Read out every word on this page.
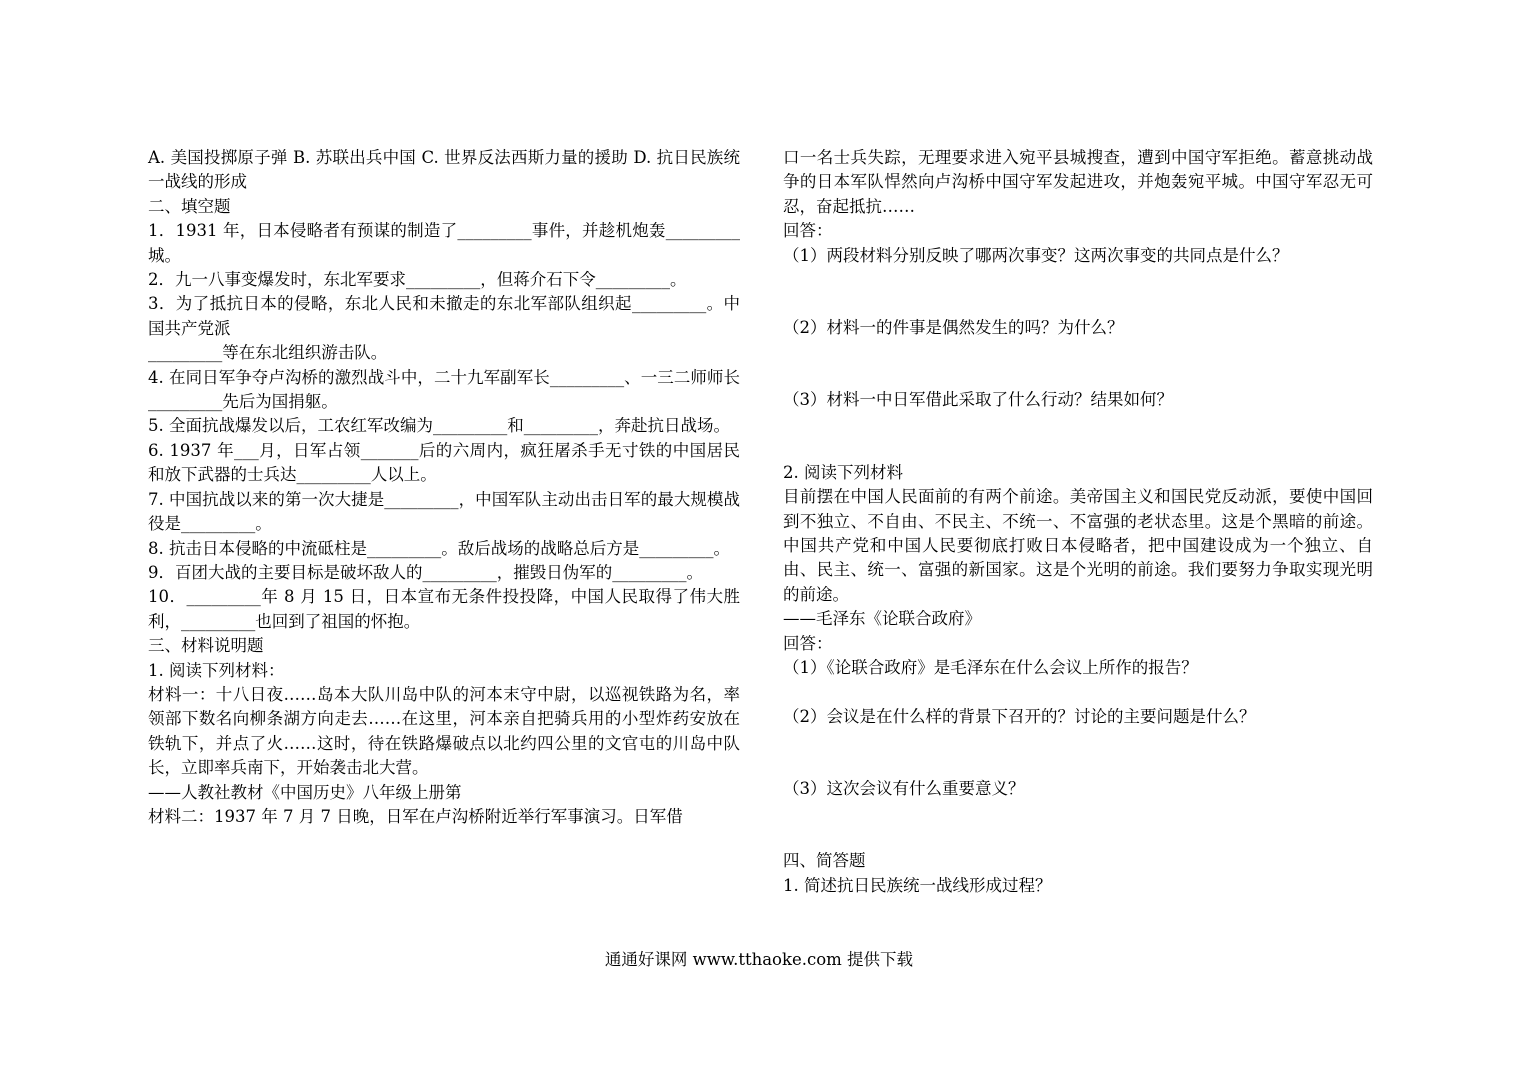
A. 美国投掷原子弹 B. 苏联出兵中国 C. 世界反法西斯力量的援助 D. 抗日民族统一战线的形成

二、填空题

1．1931 年，日本侵略者有预谋的制造了_________事件，并趁机炮轰_________城。

2．九一八事变爆发时，东北军要求_________，但蒋介石下令_________。

3．为了抵抗日本的侵略，东北人民和未撤走的东北军部队组织起_________。中国共产党派

_________等在东北组织游击队。

4. 在同日军争夺卢沟桥的激烈战斗中，二十九军副军长_________、一三二师师长_________先后为国捐躯。

5. 全面抗战爆发以后，工农红军改编为_________和_________，奔赴抗日战场。

6. 1937 年___月，日军占领_______后的六周内，疯狂屠杀手无寸铁的中国居民和放下武器的士兵达_________人以上。

7. 中国抗战以来的第一次大捷是_________，中国军队主动出击日军的最大规模战役是_________。

8. 抗击日本侵略的中流砥柱是_________。敌后战场的战略总后方是_________。

9．百团大战的主要目标是破坏敌人的_________，摧毁日伪军的_________。

10．_________年 8 月 15 日，日本宣布无条件投投降，中国人民取得了伟大胜利，_________也回到了祖国的怀抱。

三、材料说明题

1. 阅读下列材料：

材料一：十八日夜……岛本大队川岛中队的河本末守中尉，以巡视铁路为名，率领部下数名向柳条湖方向走去……在这里，河本亲自把骑兵用的小型炸药安放在铁轨下，并点了火……这时，待在铁路爆破点以北约四公里的文官屯的川岛中队长，立即率兵南下，开始袭击北大营。

——人教社教材《中国历史》八年级上册第

材料二：1937 年 7 月 7 日晚，日军在卢沟桥附近举行军事演习。日军借

口一名士兵失踪，无理要求进入宛平县城搜查，遭到中国守军拒绝。蓄意挑动战争的日本军队悍然向卢沟桥中国守军发起进攻，并炮轰宛平城。中国守军忍无可忍，奋起抵抗……

回答：

（1）两段材料分别反映了哪两次事变？这两次事变的共同点是什么？

（2）材料一的件事是偶然发生的吗？为什么？

（3）材料一中日军借此采取了什么行动？结果如何？

2. 阅读下列材料

目前摆在中国人民面前的有两个前途。美帝国主义和国民党反动派，要使中国回到不独立、不自由、不民主、不统一、不富强的老状态里。这是个黑暗的前途。中国共产党和中国人民要彻底打败日本侵略者，把中国建设成为一个独立、自由、民主、统一、富强的新国家。这是个光明的前途。我们要努力争取实现光明的前途。

——毛泽东《论联合政府》

回答：

（1）《论联合政府》是毛泽东在什么会议上所作的报告？

（2）会议是在什么样的背景下召开的？讨论的主要问题是什么？

（3）这次会议有什么重要意义？

四、简答题

1. 简述抗日民族统一战线形成过程？

通通好课网 www.tthaoke.com 提供下载
